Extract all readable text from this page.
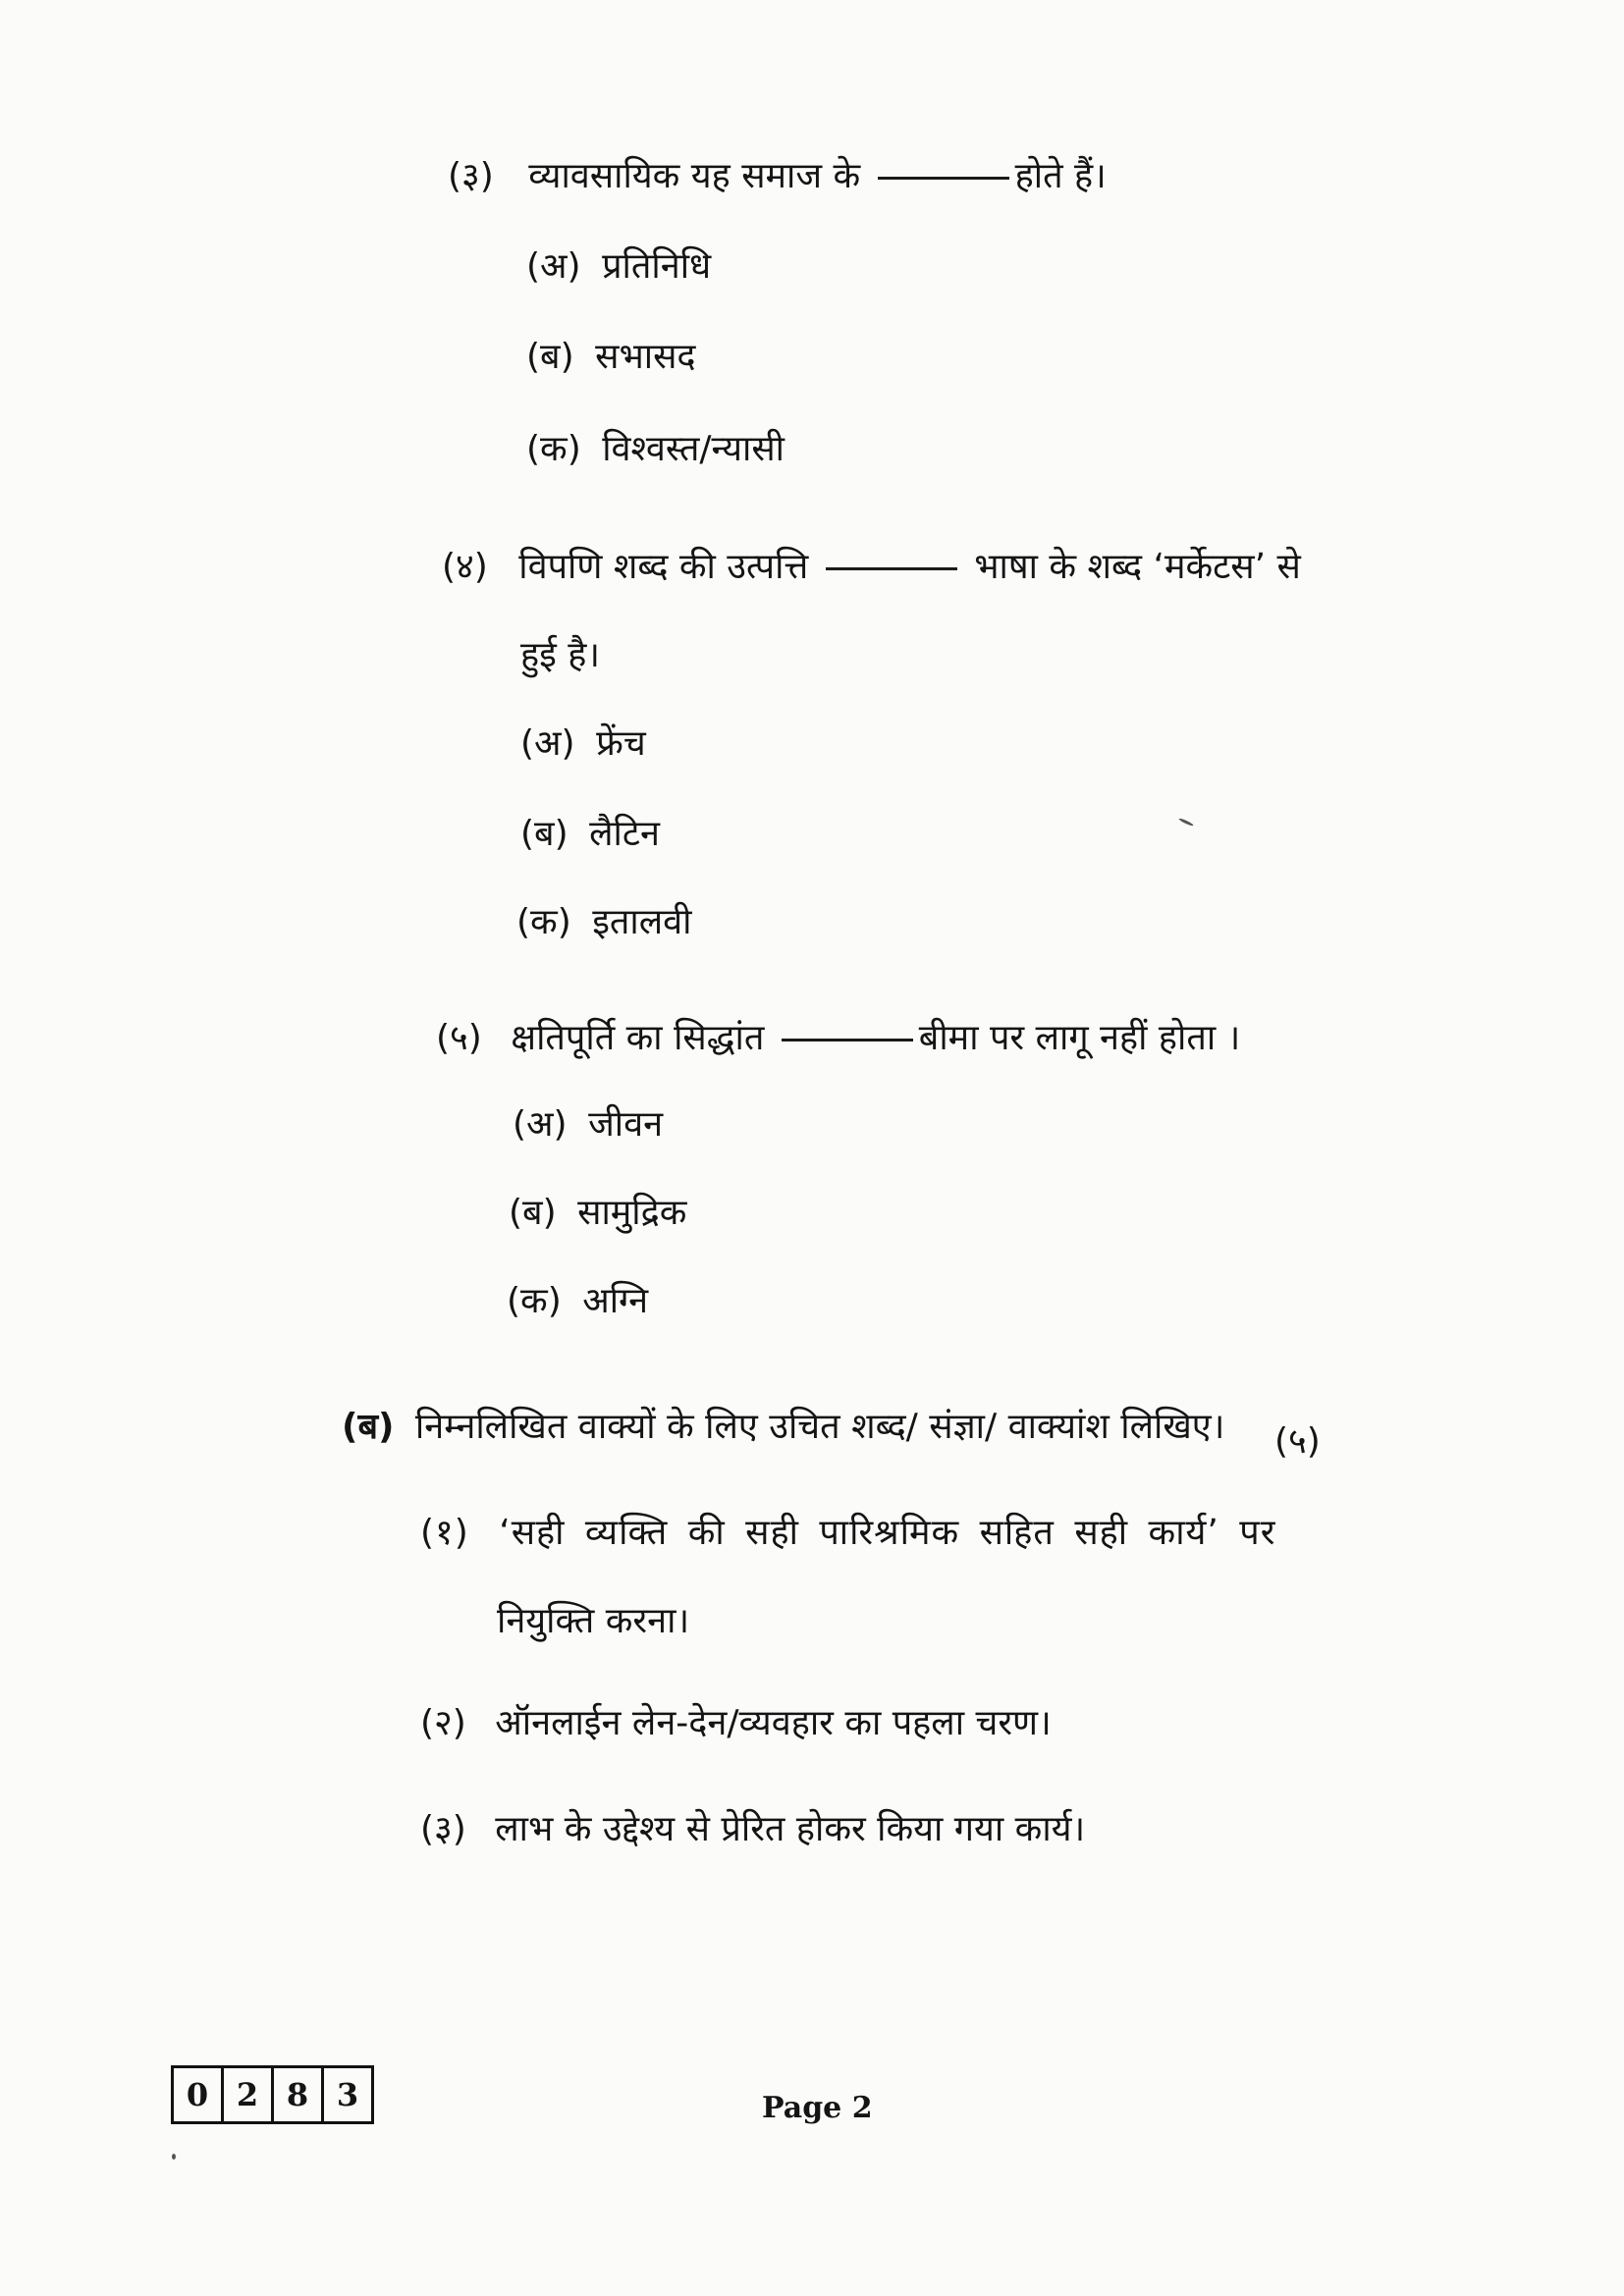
(३) व्यावसायिक यह समाज के	होते हैं।
(अ) प्रतिनिधि
(ब) सभासद
(क) विश्वस्त/न्यासी
(४) विपणि शब्द की उत्पत्ति	भाषा के शब्द ‘मर्केटस’ से
हुई है।
(अ) फ्रेंच
(ब) लैटिन
(क) इतालवी
(५) क्षतिपूर्ति का सिद्धांत	बीमा पर लागू नहीं होता ।
(अ) जीवन
(ब) सामुद्रिक
(क) अग्नि
(ब) निम्नलिखित वाक्यों के लिए उचित शब्द/ संज्ञा/ वाक्यांश लिखिए। (५)
(१) ‘सही व्यक्ति की सही पारिश्रमिक सहित सही कार्य’ पर
नियुक्ति करना।
(२) ऑनलाईन लेन-देन/व्यवहार का पहला चरण।
(३) लाभ के उद्देश्य से प्रेरित होकर किया गया कार्य।
0 2 8 3	Page 2
